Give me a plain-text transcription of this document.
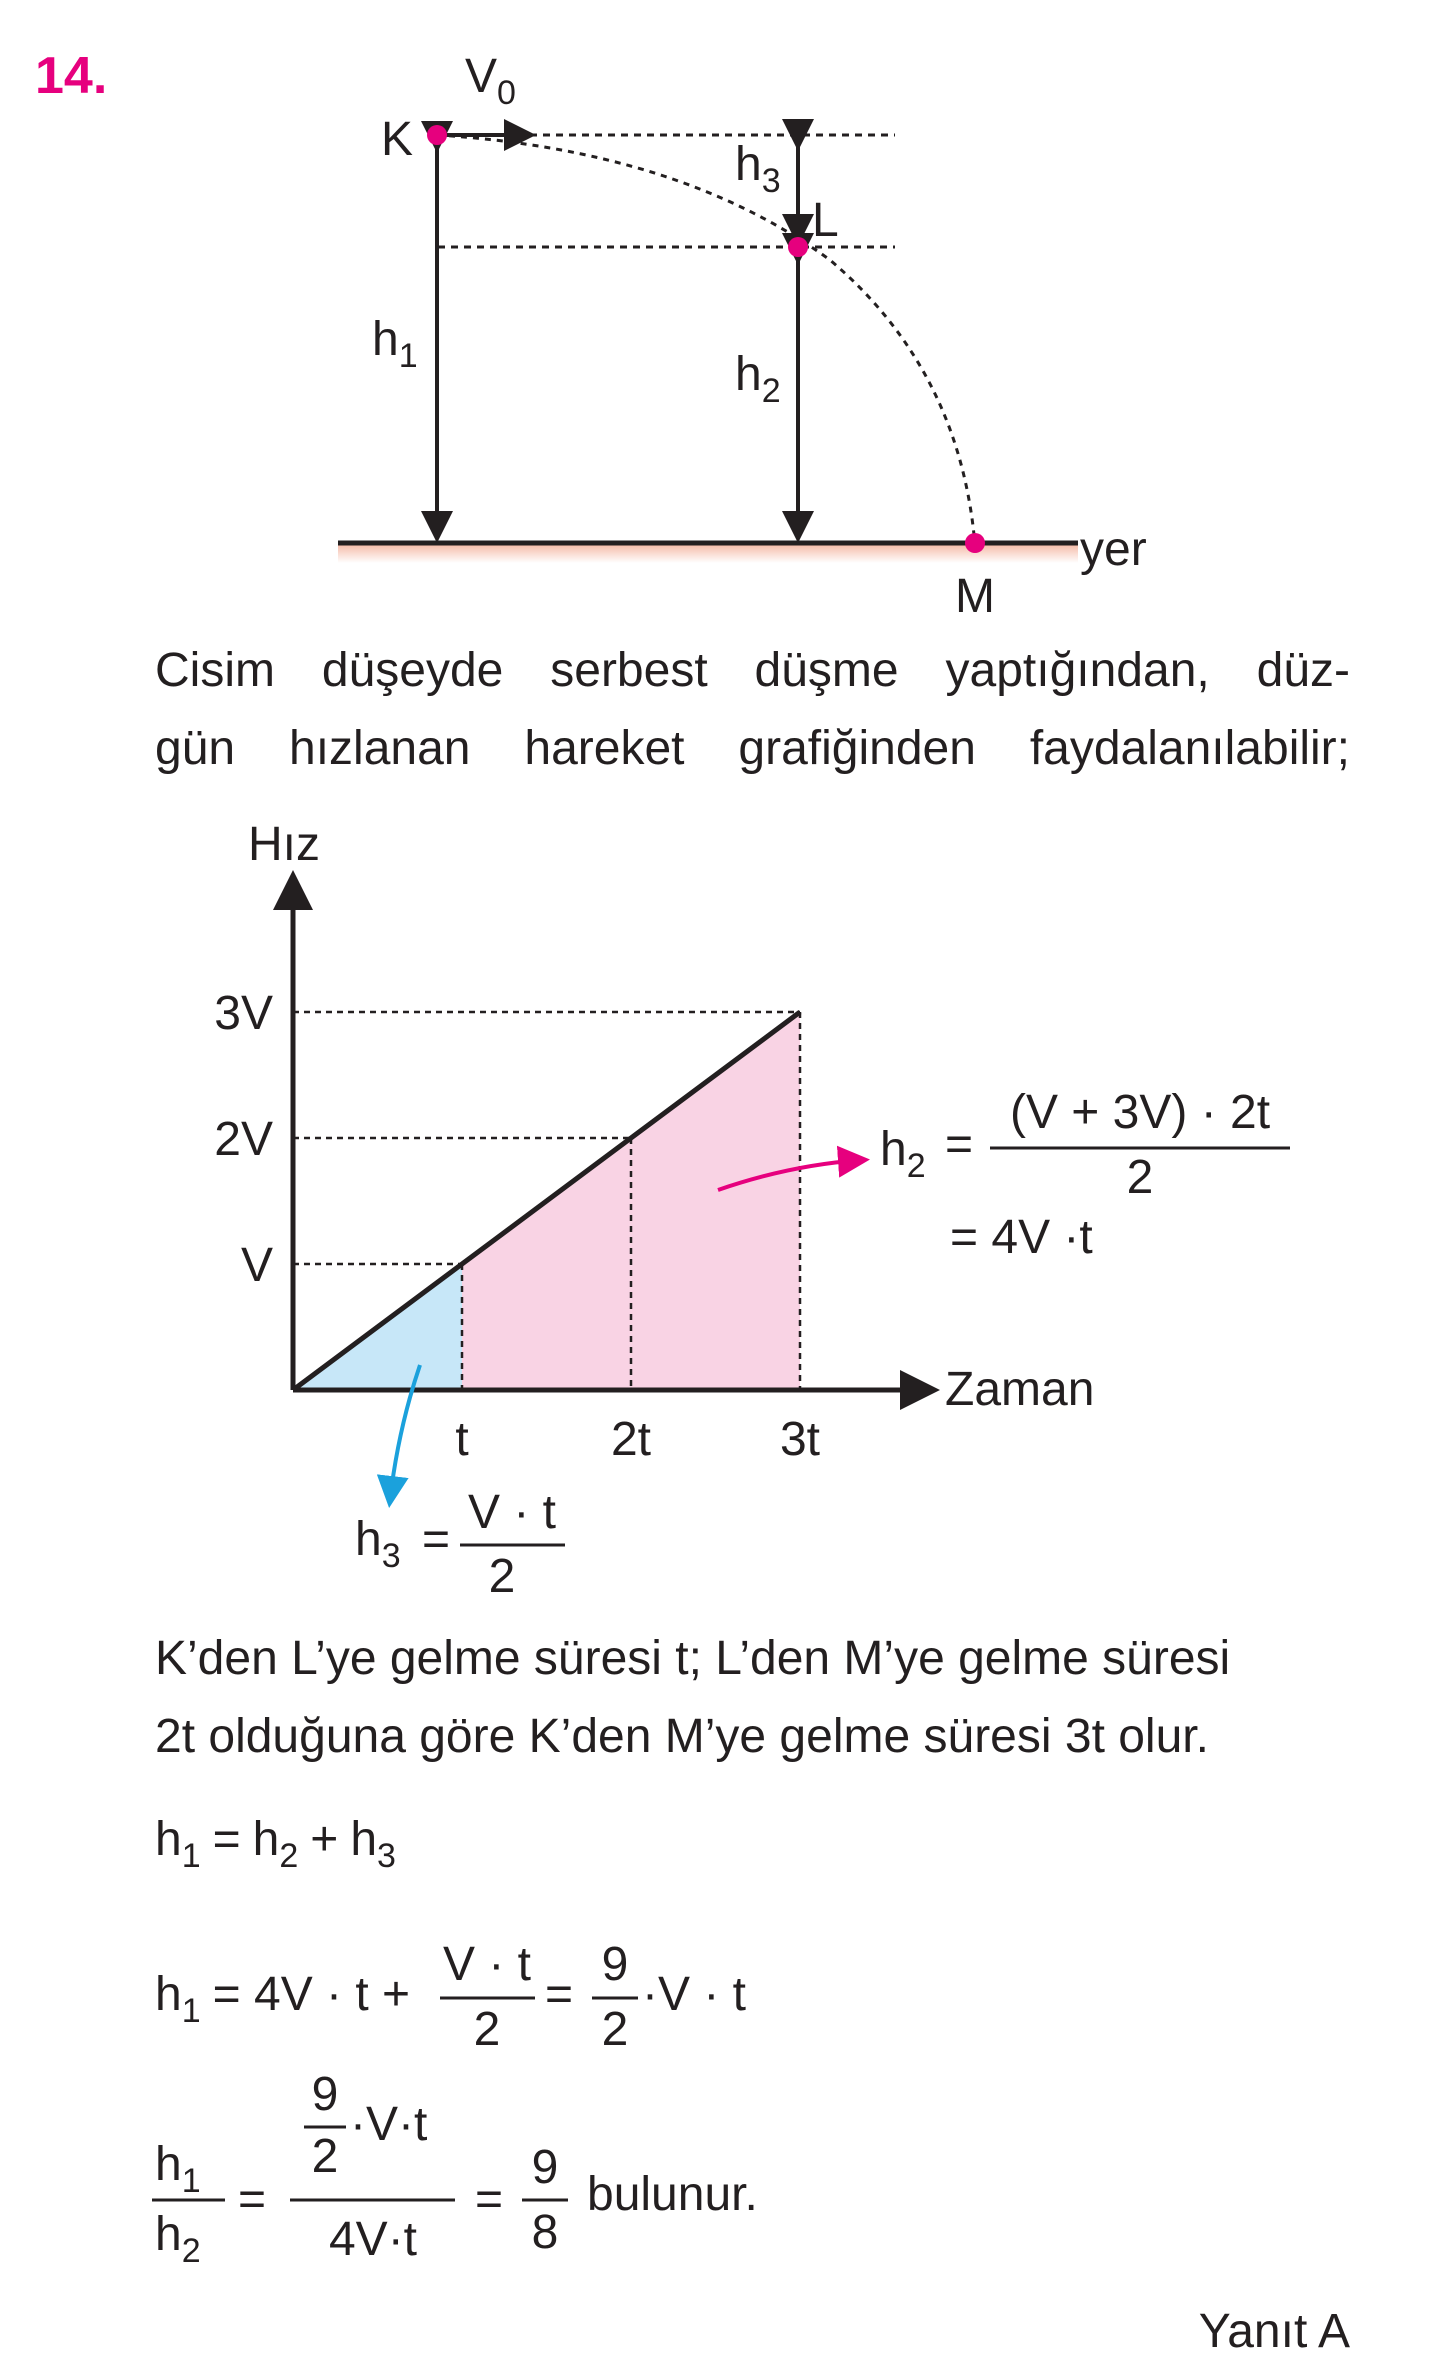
Cisim düşeyde serbest düşme yaptığından, düz-
gün hızlanan hareket grafiğinden faydalanılabilir;
K’den L’ye gelme süresi t; L’den M’ye gelme süresi
2t olduğuna göre K’den M’ye gelme süresi 3t olur.
14.	$V_0$
K
L
M
yer
$h_1$	$h_2$
$h_3$
Hız
Zaman
t	2t	3t
V
2V
3V
$h_2$ =
(V + 3V) · 2t
2
= 4V ·t
$h_3$ =
V · t
2
$h_1 = h_2 + h_3$
$h_1 = 4V \cdot t$ +
V · t
2
=
9
2
·V · t
$h_1$
$h_2$
=
9
2
·V·t
4V·t
=
9
8
bulunur.
Yanıt A
